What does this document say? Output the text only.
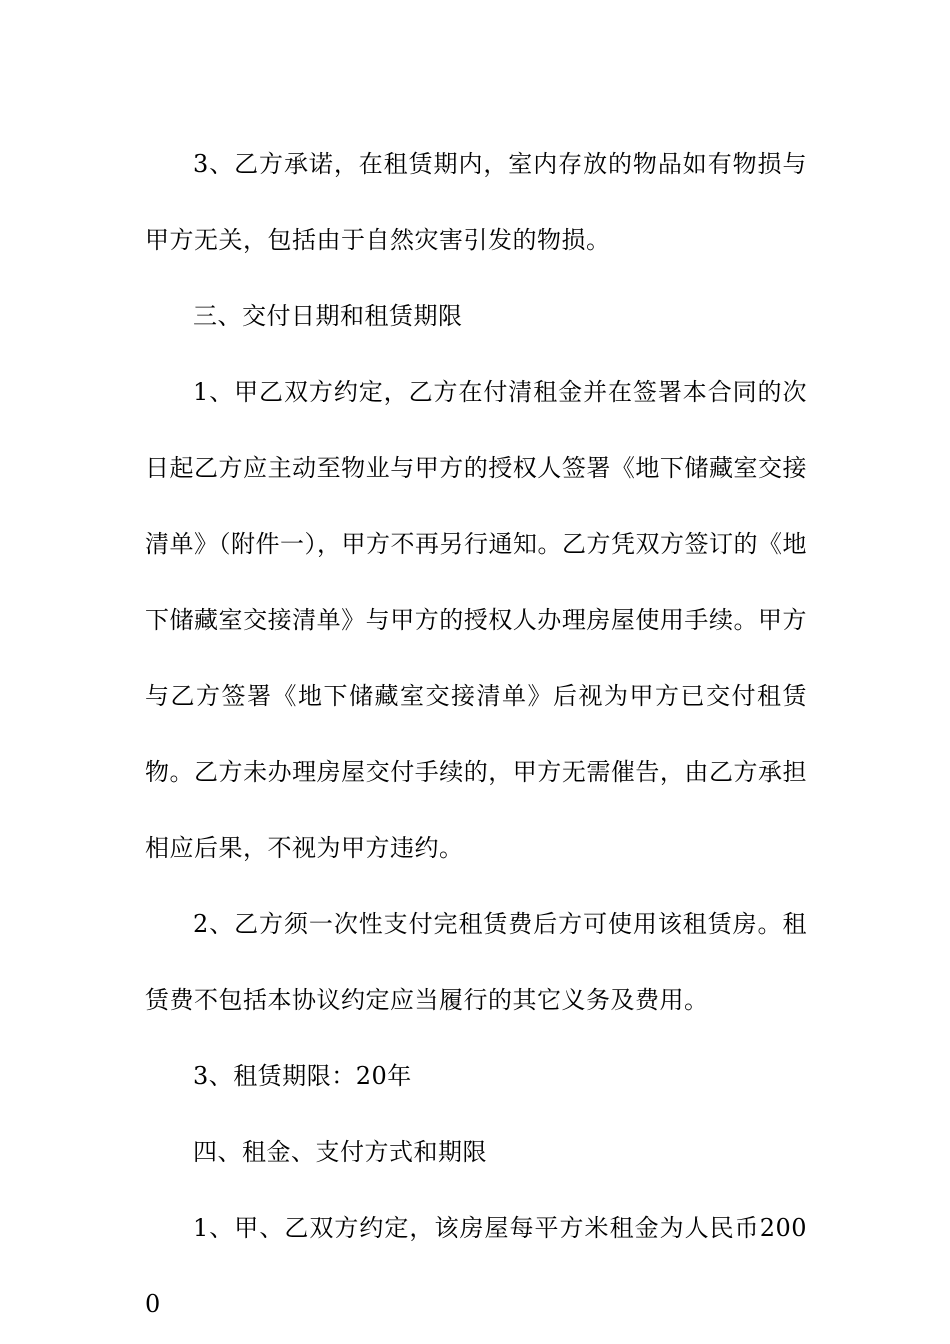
3、乙方承诺，在租赁期内，室内存放的物品如有物损与甲方无关，包括由于自然灾害引发的物损。

三、交付日期和租赁期限

1、甲乙双方约定，乙方在付清租金并在签署本合同的次日起乙方应主动至物业与甲方的授权人签署《地下储藏室交接清单》（附件一），甲方不再另行通知。乙方凭双方签订的《地下储藏室交接清单》与甲方的授权人办理房屋使用手续。甲方与乙方签署《地下储藏室交接清单》后视为甲方已交付租赁物。乙方未办理房屋交付手续的，甲方无需催告，由乙方承担相应后果，不视为甲方违约。

2、乙方须一次性支付完租赁费后方可使用该租赁房。租赁费不包括本协议约定应当履行的其它义务及费用。

3、租赁期限：20年

四、租金、支付方式和期限

1、甲、乙双方约定，该房屋每平方米租金为人民币2000
